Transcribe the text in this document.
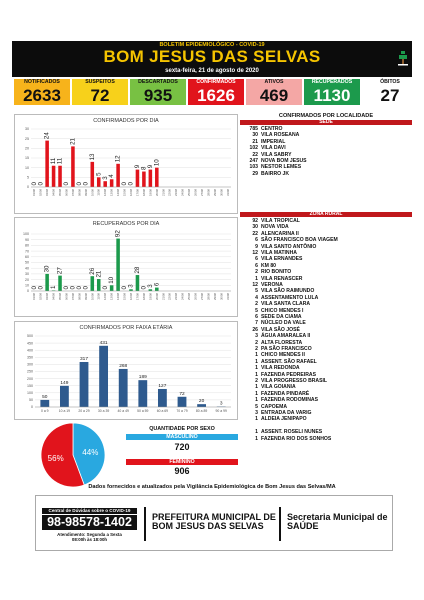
BOLETIM EPIDEMIOLÓGICO - COVID-19
BOM JESUS DAS SELVAS
sexta-feira, 21 de agosto de 2020
NOTIFICADOS
2633
SUSPEITOS
72
DESCARTADOS
935
CONFIRMADOS
1626
ATIVOS
469
RECUPERADOS
1130
ÓBITOS
27
CONFIRMADOS POR DIA
0
5
10
15
20
25
30
0
01/08
0
02/08
24
03/08
11
04/08
11
05/08
0
06/08
21
07/08
0
08/08
0
09/08
13
10/08
5
11/08
3
12/08
4
13/08
12
14/08
0
15/08
0
16/08
9
17/08
8
18/08
9
19/08
10
20/08 21/08 22/08 23/08 24/08 25/08 26/08 27/08 28/08 29/08 30/08 31/08
RECUPERADOS POR DIA
0
10
20
30
40
50
60
70
80
90
100
0
01/08
0
02/08
30
03/08
1
04/08
27
05/08
0
06/08
0
07/08
0
08/08
0
09/08
26
10/08
21
11/08
0
12/08
10
13/08
92
14/08
0
15/08
3
16/08
28
17/08
0
18/08
3
19/08
6
20/08 21/08 22/08 23/08 24/08 25/08 26/08 27/08 28/08 29/08 30/08 31/08
CONFIRMADOS POR FAIXA ETÁRIA
0
50
100
150
200
250
300
350
400
450
500
50
0 a 9
149
10 a 19
317
20 a 29
431
30 a 39
268
40 a 49
189
50 a 59
127
60 a 69
72
70 a 79
20
80 a 89
3
90 a 99
44%
56%
QUANTIDADE POR SEXO
MASCULINO
720
FEMININO
906
CONFIRMADOS POR LOCALIDADE
SEDE
785 CENTRO
30 VILA ROSEANA
21 IMPERIAL
102 VILA DAVI
22 VILA SABRY
247 NOVA BOM JESUS
103 NESTOR LEMES
29 BAIRRO JK
ZONA RURAL
92 VILA TROPICAL
30 NOVA VIDA
22 ALENCARINA II
6 SÃO FRANCISCO BOA VIAGEM
9 VILA SANTO ANTÔNIO
12 VILA MATINHA
6 VILA ERNANDES
6 KM 80
2 RIO BONITO
1 VILA RENASCER
12 VERONA
5 VILA SÃO RAIMUNDO
4 ASSENTAMENTO LULA
2 VILA SANTA CLARA
5 CHICO MENDES I
6 SEDE DA CIAMA
7 NÚCLEO DA VALE
26 VILA SÃO JOSÉ
3 ÁGUA AMARALEA II
2 ALTA FLORESTA
2 PA SÃO FRANCISCO
1 CHICO MENDES II
1 ASSENT. SÃO RAFAEL
1 VILA REDONDA
1 FAZENDA PEDREIRAS
2 VILA PROGRESSO BRASIL
1 VILA GOIANIA
1 FAZENDA PINDARÉ
1 FAZENDA RODOMINAS
5 CAPOEMA
3 ENTRADA DA VARIG
1 ALDEIA JENIPAPO
1 ASSENT. ROSELI NUNES
1 FAZENDA RIO DOS SONHOS
Dados fornecidos e atualizados pela Vigilância Epidemiológica de Bom Jesus das Selvas/MA
Central de Dúvidas sobre o COVID-19
98-98578-1402
Atendimento: Segunda a Sexta
08:00h às 18:00h
PREFEITURA MUNICIPAL DE
BOM JESUS DAS SELVAS
Secretaria Municipal de
SAÚDE
